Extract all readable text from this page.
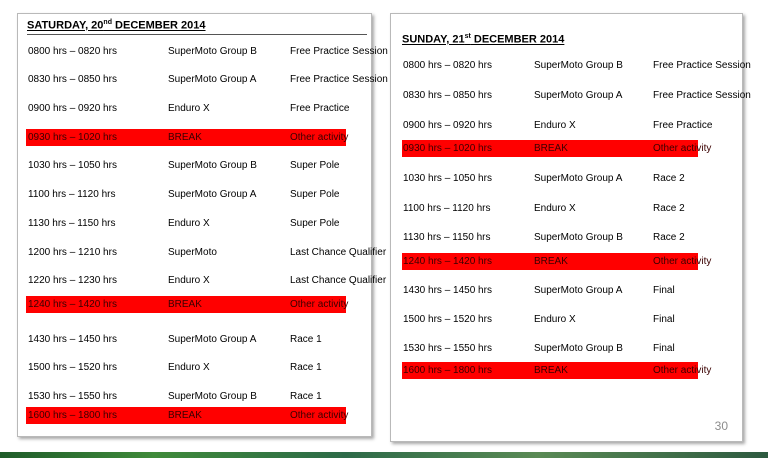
SATURDAY, 20nd DECEMBER 2014
0800 hrs – 0820 hrs	SuperMoto Group B	Free Practice Session
0830 hrs – 0850 hrs	SuperMoto Group A	Free Practice Session
0900 hrs – 0920 hrs	Enduro X	Free Practice
0930 hrs – 1020 hrs	BREAK	Other activity
1030 hrs – 1050 hrs	SuperMoto Group B	Super Pole
1100 hrs – 1120 hrs	SuperMoto Group A	Super Pole
1130 hrs – 1150 hrs	Enduro X	Super Pole
1200 hrs – 1210 hrs	SuperMoto	Last Chance Qualifier
1220 hrs – 1230 hrs	Enduro X	Last Chance Qualifier
1240 hrs – 1420 hrs	BREAK	Other activity
1430 hrs – 1450 hrs	SuperMoto Group A	Race 1
1500 hrs – 1520 hrs	Enduro X	Race 1
1530 hrs – 1550 hrs	SuperMoto Group B	Race 1
1600 hrs – 1800 hrs	BREAK	Other activity
SUNDAY, 21st DECEMBER 2014
0800 hrs – 0820 hrs	SuperMoto Group B	Free Practice Session
0830 hrs – 0850 hrs	SuperMoto Group A	Free Practice Session
0900 hrs – 0920 hrs	Enduro X	Free Practice
0930 hrs – 1020 hrs	BREAK	Other activity
1030 hrs – 1050 hrs	SuperMoto Group A	Race 2
1100 hrs – 1120 hrs	Enduro X	Race 2
1130 hrs – 1150 hrs	SuperMoto Group B	Race 2
1240 hrs – 1420 hrs	BREAK	Other activity
1430 hrs – 1450 hrs	SuperMoto Group A	Final
1500 hrs – 1520 hrs	Enduro X	Final
1530 hrs – 1550 hrs	SuperMoto Group B	Final
1600 hrs – 1800 hrs	BREAK	Other activity
30
